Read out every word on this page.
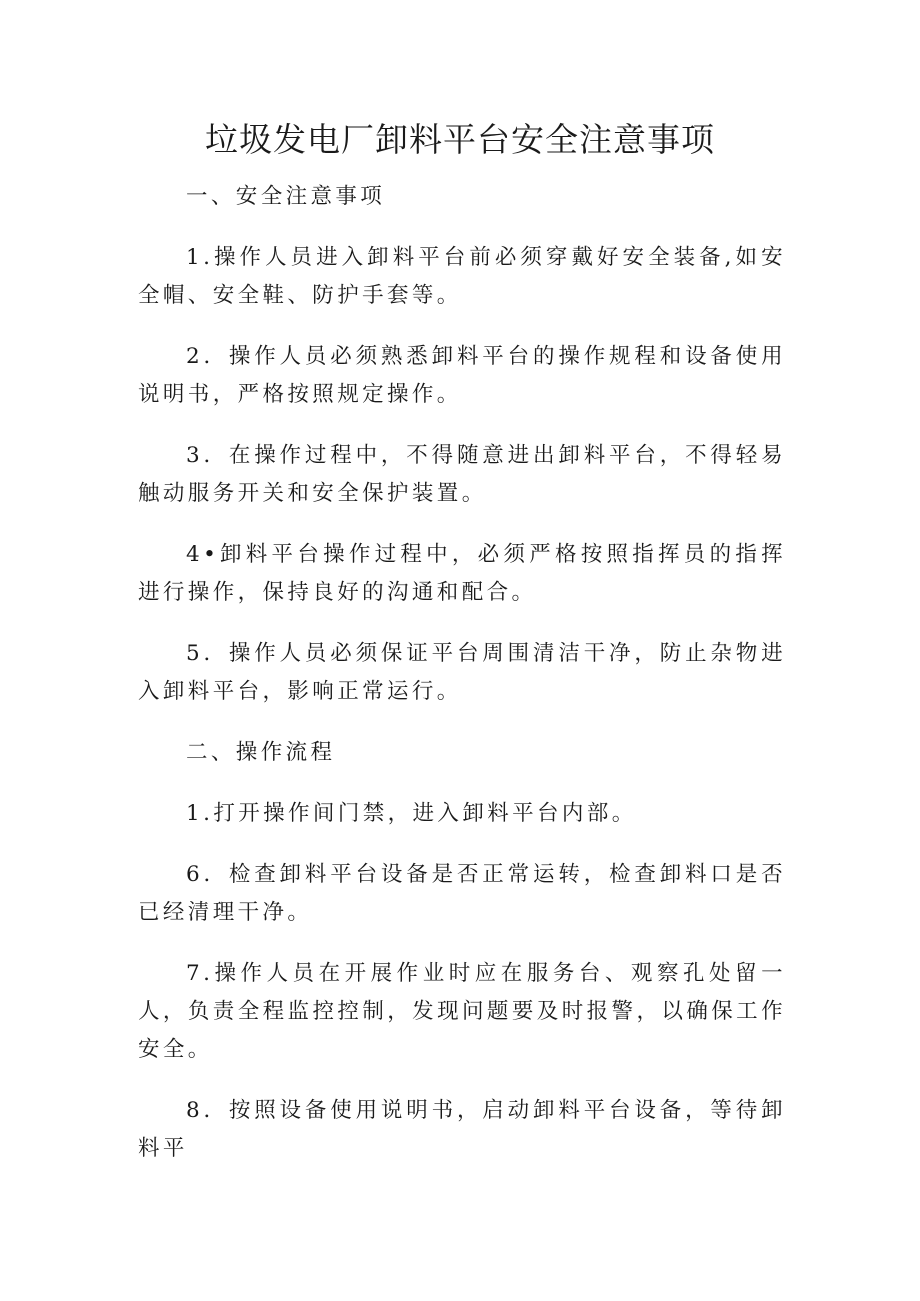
垃圾发电厂卸料平台安全注意事项

一、安全注意事项

1.操作人员进入卸料平台前必须穿戴好安全装备,如安全帽、安全鞋、防护手套等。

2．操作人员必须熟悉卸料平台的操作规程和设备使用说明书，严格按照规定操作。

3．在操作过程中，不得随意进出卸料平台，不得轻易触动服务开关和安全保护装置。

4•卸料平台操作过程中，必须严格按照指挥员的指挥进行操作，保持良好的沟通和配合。

5．操作人员必须保证平台周围清洁干净，防止杂物进入卸料平台，影响正常运行。

二、操作流程

1.打开操作间门禁，进入卸料平台内部。

6．检查卸料平台设备是否正常运转，检查卸料口是否已经清理干净。

7.操作人员在开展作业时应在服务台、观察孔处留一人，负责全程监控控制，发现问题要及时报警，以确保工作安全。

8．按照设备使用说明书，启动卸料平台设备，等待卸料平
